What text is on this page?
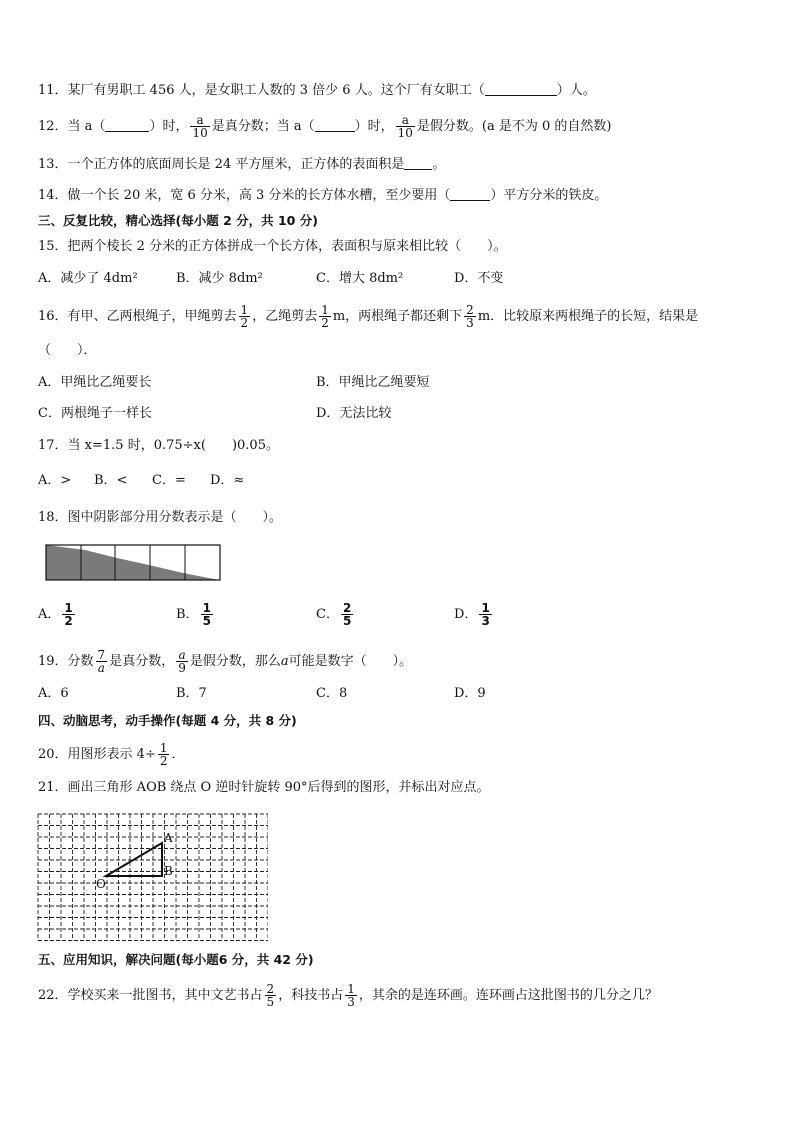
11．某厂有男职工 456 人，是女职工人数的 3 倍少 6 人。这个厂有女职工（	）人。
12．当 a（	）时， $\frac{a}{10}$ 是真分数；当 a（	）时， $\frac{a}{10}$ 是假分数。(a 是不为 0 的自然数)
13．一个正方体的底面周长是 24 平方厘米，正方体的表面积是 。
14．做一个长 20 米，宽 6 分米，高 3 分米的长方体水槽，至少要用（	）平方分米的铁皮。
三、反复比较，精心选择(每小题 2 分，共 10 分)
15．把两个棱长 2 分米的正方体拼成一个长方体，表面积与原来相比较（　　）。
A．减少了 4dm²	B．减少 8dm²	C．增大 8dm²	D．不变
16．有甲、乙两根绳子，甲绳剪去 $\frac{1}{2}$ ，乙绳剪去 $\frac{1}{2}$ m，两根绳子都还剩下 $\frac{2}{3}$ m．比较原来两根绳子的长短，结果是
（　　）．
A．甲绳比乙绳要长	B．甲绳比乙绳要短
C．两根绳子一样长	D．无法比较
17．当 x=1.5 时，0.75÷x(　　)0.05。
A．> B．< C．= D．≈
18．图中阴影部分用分数表示是（　　）。
A． $\frac{1}{2}$	B． $\frac{1}{5}$	C． $\frac{2}{5}$	D． $\frac{1}{3}$
19．分数 $\frac{7}{a}$ 是真分数， $\frac{a}{9}$ 是假分数，那么a可能是数字（　　）。
A．6	B．7	C．8	D．9
四、动脑思考，动手操作(每题 4 分，共 8 分)
20．用图形表示 $4\div \frac{1}{2}$ ．
21．画出三角形 AOB 绕点 O 逆时针旋转 90°后得到的图形，并标出对应点。
A
B
O
五、应用知识，解决问题(每小题6 分，共 42 分)
22．学校买来一批图书，其中文艺书占 $\frac{2}{5}$ ，科技书占 $\frac{1}{3}$ ，其余的是连环画。连环画占这批图书的几分之几？
